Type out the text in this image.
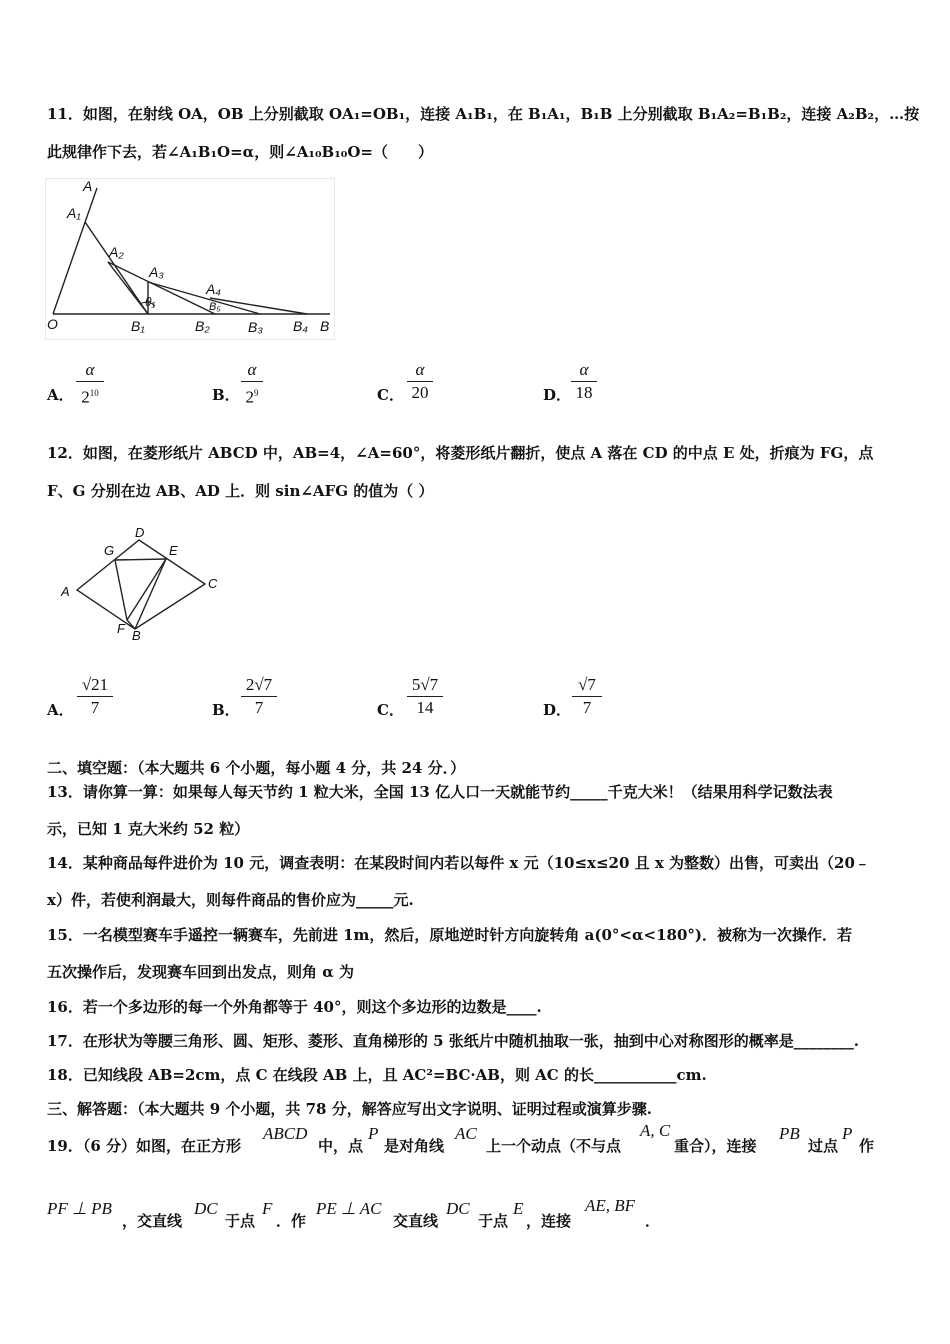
11．如图，在射线 OA，OB 上分别截取 OA₁=OB₁，连接 A₁B₁，在 B₁A₁，B₁B 上分别截取 B₁A₂=B₁B₂，连接 A₂B₂，…按
此规律作下去，若∠A₁B₁O=α，则∠A₁₀B₁₀O=（　　）
A
A₁
A₂
A₃
A₄
B₅
θ₁
O	B₁	B₂	B₃ B₄ B
A．
α
$2^{10}$	B．
α
$2^9$	C．
α
20	D．
α
18
12．如图，在菱形纸片 ABCD 中，AB=4，∠A=60°，将菱形纸片翻折，使点 A 落在 CD 的中点 E 处，折痕为 FG，点
F、G 分别在边 AB、AD 上．则 sin∠AFG 的值为（ ）
A
D
G	E
C
F B
A．
√21
7	B．
2√7
7	C．
5√7
14	D．
√7
7
二、填空题：（本大题共 6 个小题，每小题 4 分，共 24 分．）
13．请你算一算：如果每人每天节约 1 粒大米，全国 13 亿人口一天就能节约_____千克大米！（结果用科学记数法表
示，已知 1 克大米约 52 粒）
14．某种商品每件进价为 10 元，调查表明：在某段时间内若以每件 x 元（10≤x≤20 且 x 为整数）出售，可卖出（20﹣
x）件，若使利润最大，则每件商品的售价应为_____元.
15．一名模型赛车手遥控一辆赛车，先前进 1m，然后，原地逆时针方向旋转角 a(0°<α<180°)．被称为一次操作．若
五次操作后，发现赛车回到出发点，则角 α 为
16．若一个多边形的每一个外角都等于 40°，则这个多边形的边数是____.
17．在形状为等腰三角形、圆、矩形、菱形、直角梯形的 5 张纸片中随机抽取一张，抽到中心对称图形的概率是________.
18．已知线段 AB=2cm，点 C 在线段 AB 上，且 AC²=BC·AB，则 AC 的长___________cm.
三、解答题：（本大题共 9 个小题，共 78 分，解答应写出文字说明、证明过程或演算步骤.
19．（6 分）如图，在正方形
ABCD
中，点
P
是对角线
AC
上一个动点（不与点
A, C
重合），连接
PB
过点
P
作
PF ⊥ PB
，交直线
DC
于点
F
．作
PE ⊥ AC
交直线
DC
于点
E
，连接
AE, BF
．
